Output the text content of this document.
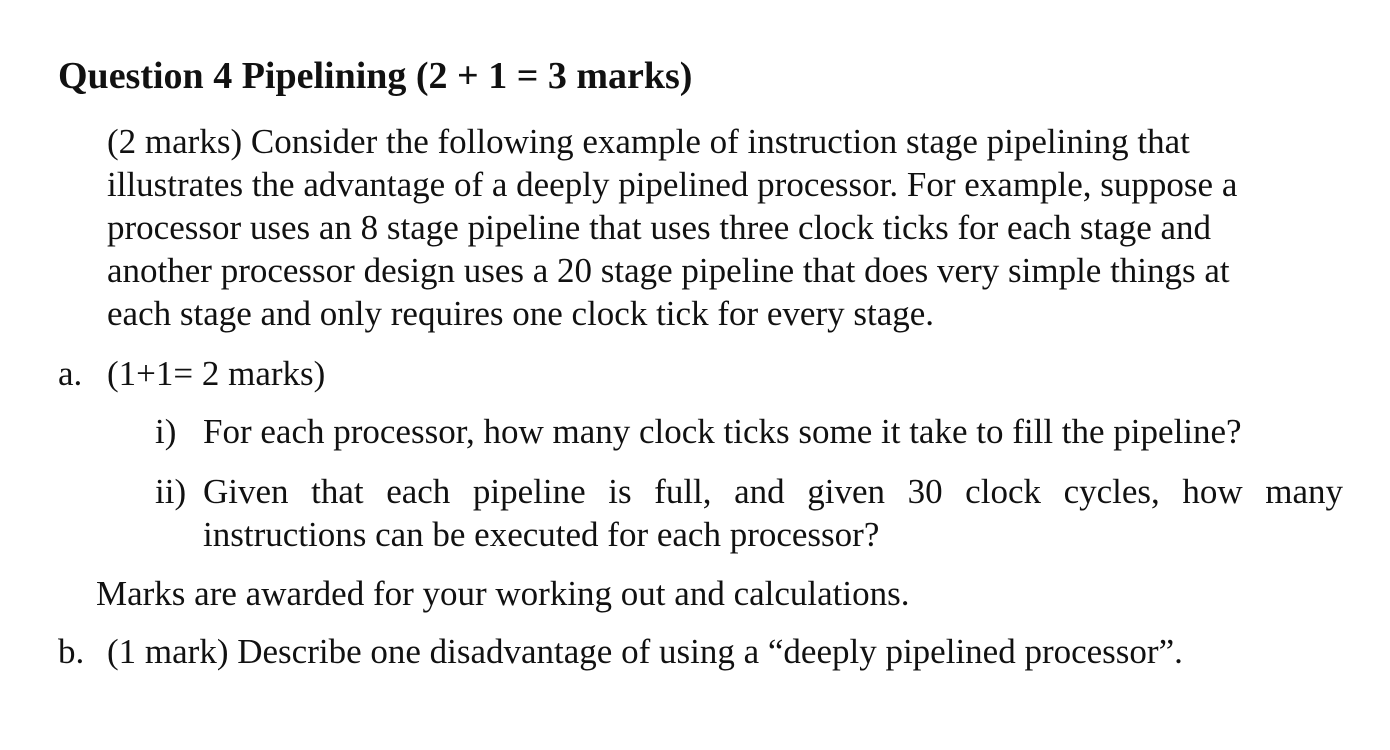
Question 4 Pipelining (2 + 1 = 3 marks)
(2 marks) Consider the following example of instruction stage pipelining that
illustrates the advantage of a deeply pipelined processor. For example, suppose a
processor uses an 8 stage pipeline that uses three clock ticks for each stage and
another processor design uses a 20 stage pipeline that does very simple things at
each stage and only requires one clock tick for every stage.
a. (1+1= 2 marks)
i) For each processor, how many clock ticks some it take to fill the pipeline?
ii) Given that each pipeline is full, and given 30 clock cycles, how many
instructions can be executed for each processor?
Marks are awarded for your working out and calculations.
b. (1 mark) Describe one disadvantage of using a “deeply pipelined processor”.
